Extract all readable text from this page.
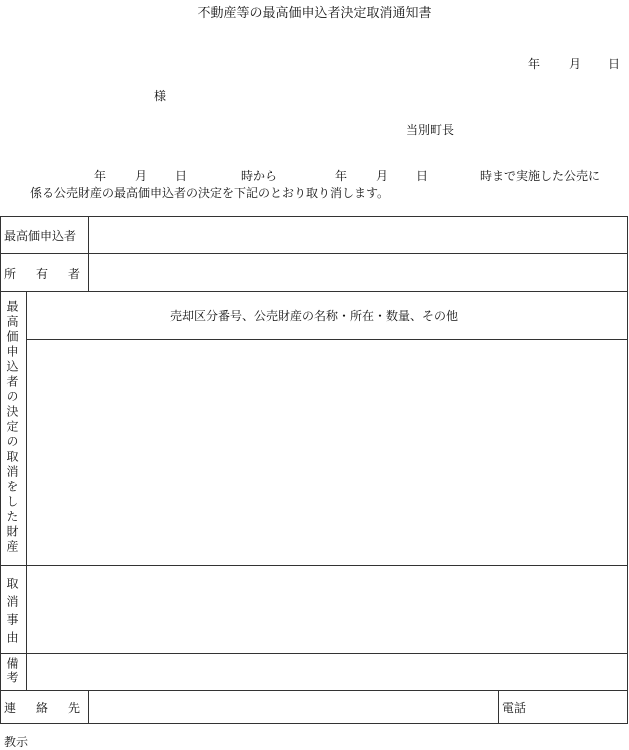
不動産等の最高価申込者決定取消通知書
年 月 日
様
当別町長
年 月 日	時から	年 月 日	時まで実施した公売に
係る公売財産の最高価申込者の決定を下記のとおり取り消します。
最高価申込者
所　有　者
最高価申込者の決定の取消をした財産	売却区分番号、公売財産の名称・所在・数量、その他
取消事由
備考
連　絡　先	電話
教示
